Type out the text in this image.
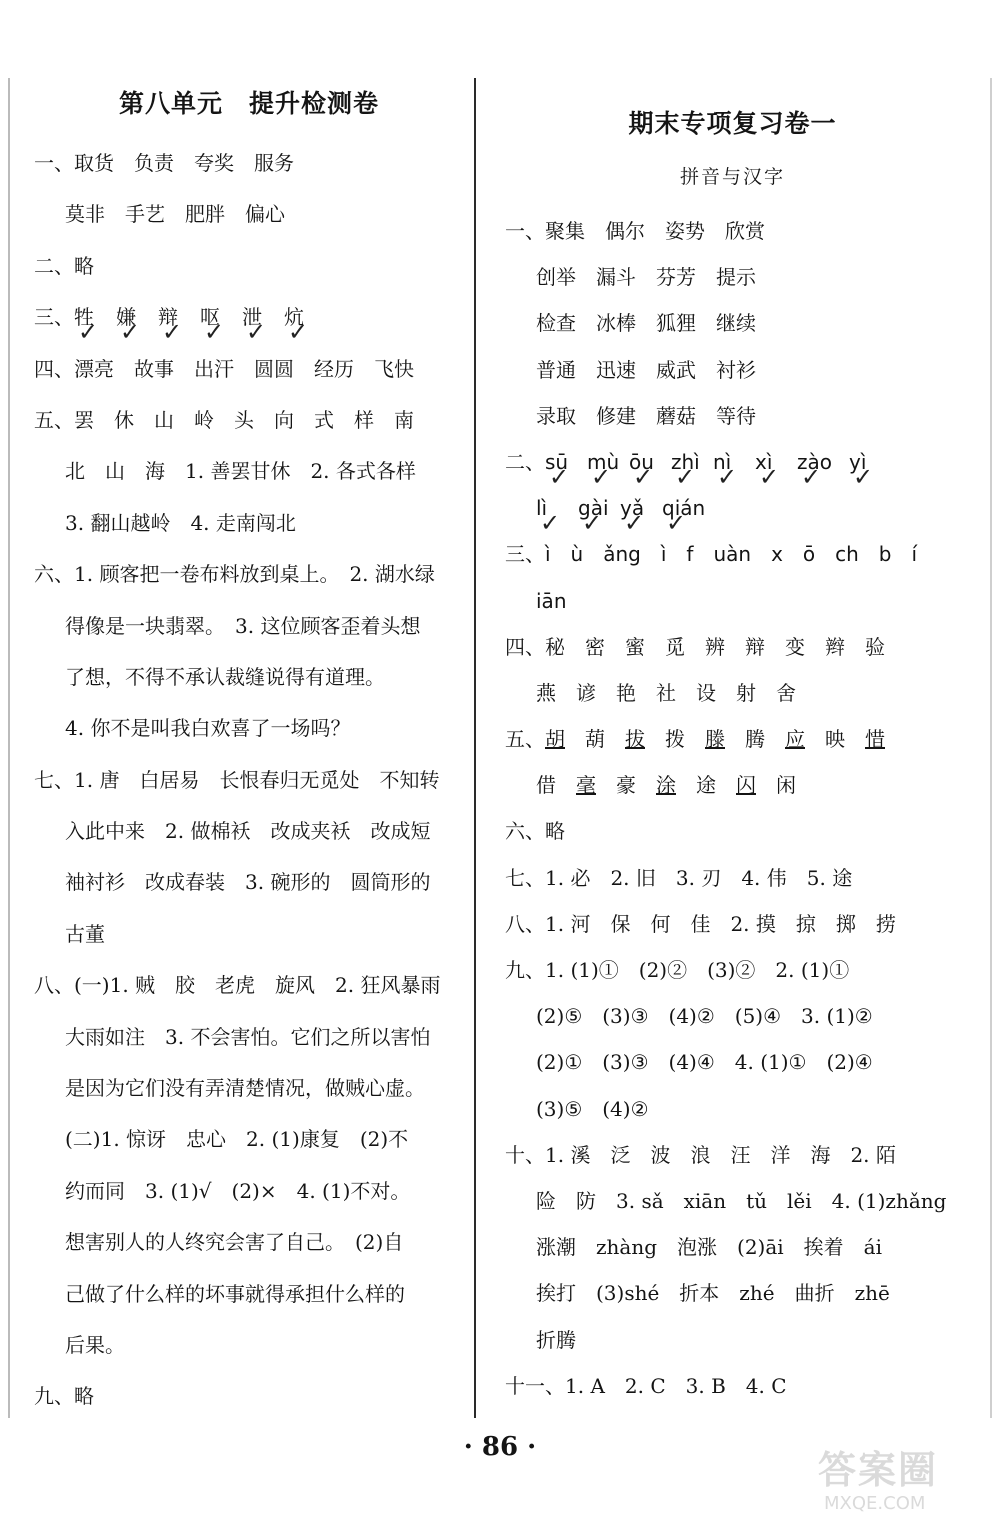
第八单元　提升检测卷
一、取货　负责　夸奖　服务
莫非　手艺　肥胖　偏心
二、略
三、牲 ✓ 嫌 ✓ 辩 ✓ 呕 ✓ 泄 ✓ 炕 ✓
四、漂亮　故事　出汗　圆圆　经历　飞快
五、罢　休　山　岭　头　向　式　样　南
北　山　海　1. 善罢甘休　2. 各式各样
3. 翻山越岭　4. 走南闯北
六、1. 顾客把一卷布料放到桌上。　2. 湖水绿
得像是一块翡翠。　3. 这位顾客歪着头想
了想，不得不承认裁缝说得有道理。
4. 你不是叫我白欢喜了一场吗？
七、1. 唐　白居易　长恨春归无觅处　不知转
入此中来　2. 做棉袄　改成夹袄　改成短
袖衬衫　改成春装　3. 碗形的　圆筒形的
古董
八、(一)1. 贼　胶　老虎　旋风　2. 狂风暴雨
大雨如注　3. 不会害怕。它们之所以害怕
是因为它们没有弄清楚情况，做贼心虚。
(二)1. 惊讶　忠心　2. (1)康复　(2)不
约而同　3. (1)√　(2)×　4. (1)不对。
想害别人的人终究会害了自己。　(2)自
己做了什么样的坏事就得承担什么样的
后果。
九、略
期末专项复习卷一
拼音与汉字
一、聚集　偶尔　姿势　欣赏
创举　漏斗　芬芳　提示
检查　冰棒　狐狸　继续
普通　迅速　威武　衬衫
录取　修建　蘑菇　等待
二、sū ✓ mù ✓ ōu ✓ zhì ✓ nì ✓ xì ✓ zào ✓ yì ✓
lì ✓ gài ✓ yǎ ✓ qián ✓
三、ì　ù　ǎng　ì　f　uàn　x　ō　ch　b　í
iān
四、秘　密　蜜　觅　辨　辩　变　辫　验
燕　谚　艳　社　设　射　舍
五、胡　 葫　 拔　 拨　 滕　 腾　 应　 映　 惜
借　 毫　 豪　 涂　 途　 闪　 闲
六、略
七、1. 必　2. 旧　3. 刃　4. 伟　5. 途
八、1. 河　保　何　佳　2. 摸　掠　掷　捞
九、1. (1)①　(2)②　(3)②　2. (1)①
(2)⑤　(3)③　(4)②　(5)④　3. (1)②
(2)①　(3)③　(4)④　4. (1)①　(2)④
(3)⑤　(4)②
十、1. 溪　泛　波　浪　汪　洋　海　2. 陌
险　防　3. sǎ　xiān　tǔ　lěi　4. (1)zhǎng
涨潮　zhàng　泡涨　(2)āi　挨着　ái
挨打　(3)shé　折本　zhé　曲折　zhē
折腾
十一、1. A　2. C　3. B　4. C
· 86 ·
答案圈
MXQE.COM
